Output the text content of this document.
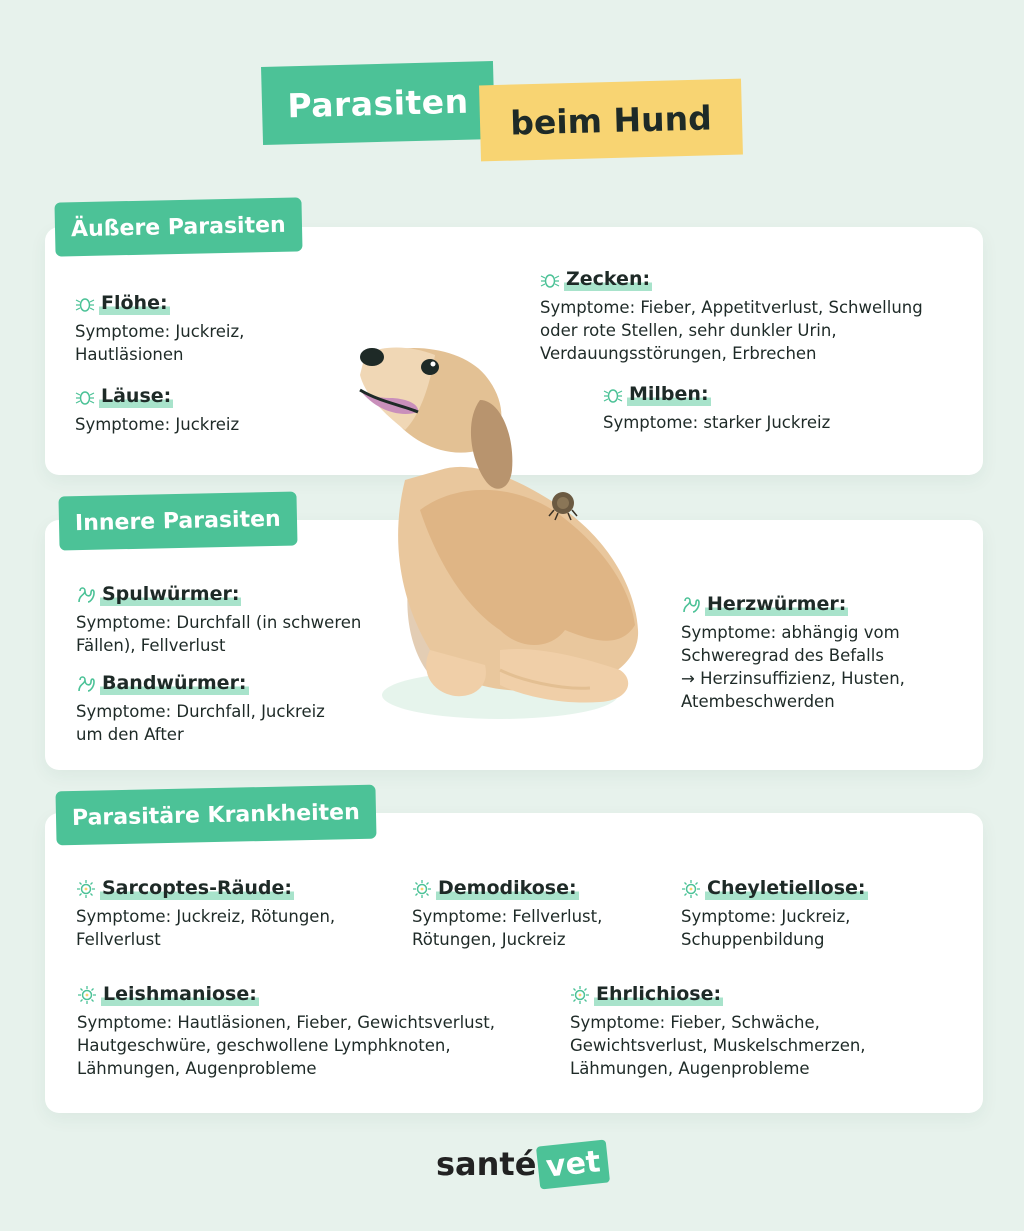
Parasiten	beim Hund
Äußere Parasiten
Innere Parasiten
Parasitäre Krankheiten
Flöhe:
Symptome: Juckreiz,
Hautläsionen
Läuse:
Symptome: Juckreiz
Zecken:
Symptome: Fieber, Appetitverlust, Schwellung
oder rote Stellen, sehr dunkler Urin,
Verdauungsstörungen, Erbrechen
Milben:
Symptome: starker Juckreiz
Spulwürmer:
Symptome: Durchfall (in schweren
Fällen), Fellverlust
Bandwürmer:
Symptome: Durchfall, Juckreiz
um den After
Herzwürmer:
Symptome: abhängig vom
Schweregrad des Befalls
→ Herzinsuffizienz, Husten,
Atembeschwerden
Sarcoptes-Räude:
Symptome: Juckreiz, Rötungen,
Fellverlust
Demodikose:
Symptome: Fellverlust,
Rötungen, Juckreiz
Cheyletiellose:
Symptome: Juckreiz,
Schuppenbildung
Leishmaniose:
Symptome: Hautläsionen, Fieber, Gewichtsverlust,
Hautgeschwüre, geschwollene Lymphknoten,
Lähmungen, Augenprobleme
Ehrlichiose:
Symptome: Fieber, Schwäche,
Gewichtsverlust, Muskelschmerzen,
Lähmungen, Augenprobleme
santé vet
